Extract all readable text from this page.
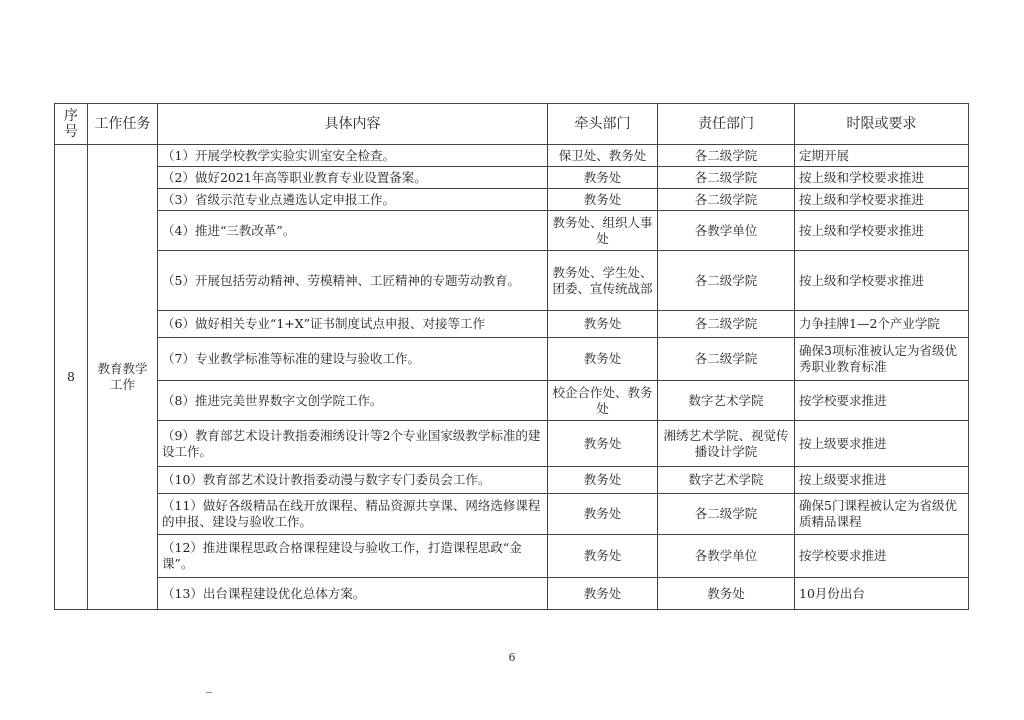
序号	工作任务	具体内容	牵头部门	责任部门	时限或要求
8	教育教学工作	（1）开展学校教学实验实训室安全检查。	保卫处、教务处	各二级学院	定期开展
		（2）做好2021年高等职业教育专业设置备案。	教务处	各二级学院	按上级和学校要求推进
		（3）省级示范专业点遴选认定申报工作。	教务处	各二级学院	按上级和学校要求推进
		（4）推进“三教改革”。	教务处、组织人事处	各教学单位	按上级和学校要求推进
		（5）开展包括劳动精神、劳模精神、工匠精神的专题劳动教育。	教务处、学生处、团委、宣传统战部	各二级学院	按上级和学校要求推进
		（6）做好相关专业“1+X”证书制度试点申报、对接等工作	教务处	各二级学院	力争挂牌1—2个产业学院
		（7）专业教学标准等标准的建设与验收工作。	教务处	各二级学院	确保3项标准被认定为省级优秀职业教育标准
		（8）推进完美世界数字文创学院工作。	校企合作处、教务处	数字艺术学院	按学校要求推进
		（9）教育部艺术设计教指委湘绣设计等2个专业国家级教学标准的建设工作。	教务处	湘绣艺术学院、视觉传播设计学院	按上级要求推进
		（10）教育部艺术设计教指委动漫与数字专门委员会工作。	教务处	数字艺术学院	按上级要求推进
		（11）做好各级精品在线开放课程、精品资源共享课、网络选修课程的申报、建设与验收工作。	教务处	各二级学院	确保5门课程被认定为省级优质精品课程
		（12）推进课程思政合格课程建设与验收工作，打造课程思政“金课”。	教务处	各教学单位	按学校要求推进
		（13）出台课程建设优化总体方案。	教务处	教务处	10月份出台
6
